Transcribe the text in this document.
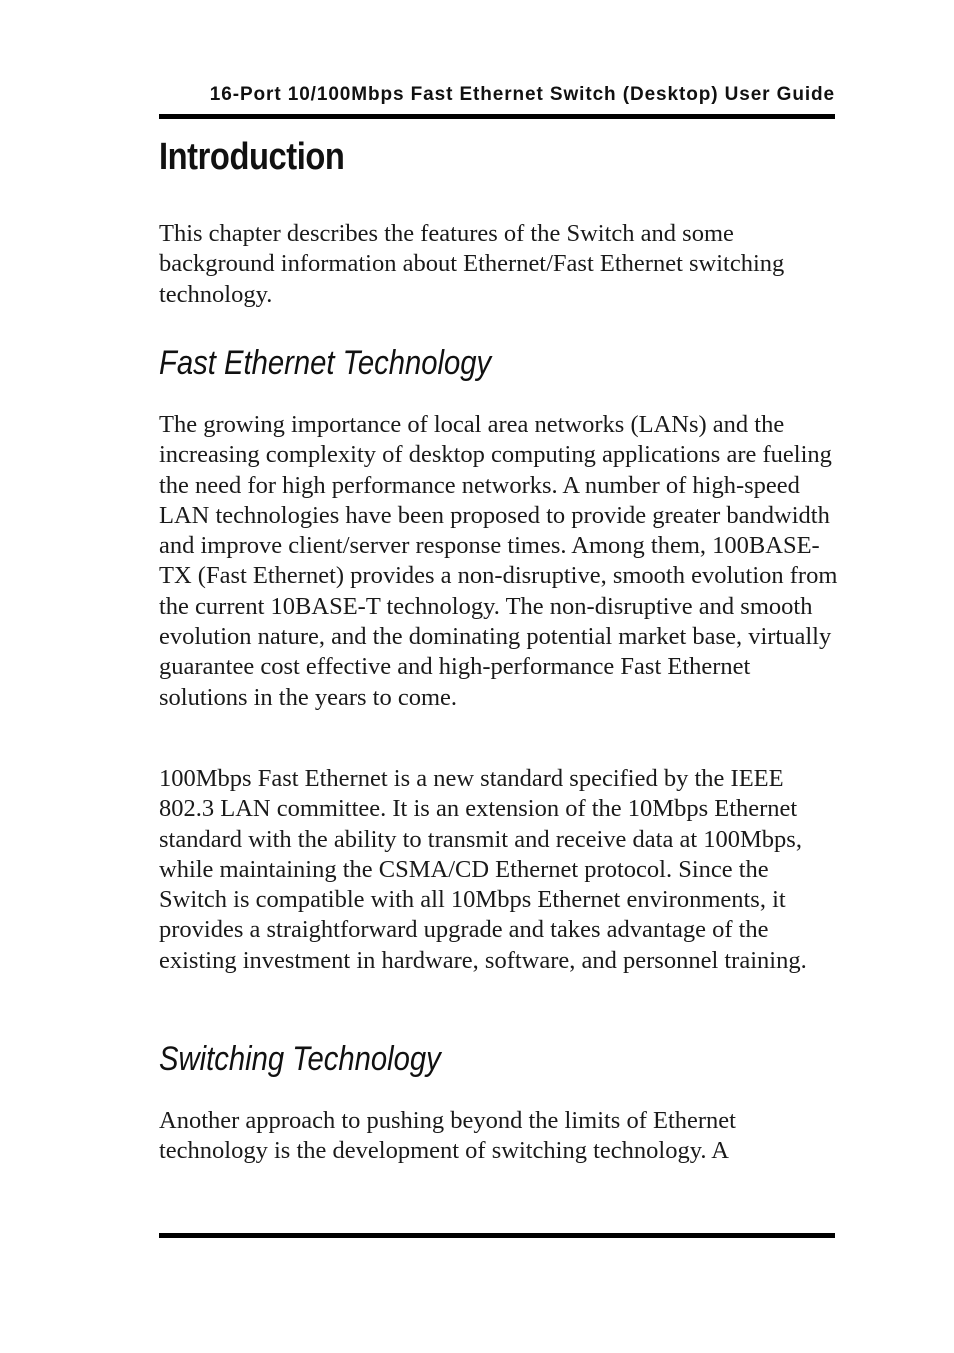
16-Port 10/100Mbps Fast Ethernet Switch (Desktop) User Guide
Introduction

This chapter describes the features of the Switch and some background information about Ethernet/Fast Ethernet switching technology.

Fast Ethernet Technology

The growing importance of local area networks (LANs) and the increasing complexity of desktop computing applications are fueling the need for high performance networks. A number of high-speed LAN technologies have been proposed to provide greater bandwidth and improve client/server response times. Among them, 100BASE-TX (Fast Ethernet) provides a non-disruptive, smooth evolution from the current 10BASE-T technology. The non-disruptive and smooth evolution nature, and the dominating potential market base, virtually guarantee cost effective and high-performance Fast Ethernet solutions in the years to come.

100Mbps Fast Ethernet is a new standard specified by the IEEE 802.3 LAN committee. It is an extension of the 10Mbps Ethernet standard with the ability to transmit and receive data at 100Mbps, while maintaining the CSMA/CD Ethernet protocol. Since the Switch is compatible with all 10Mbps Ethernet environments, it provides a straightforward upgrade and takes advantage of the existing investment in hardware, software, and personnel training.

Switching Technology

Another approach to pushing beyond the limits of Ethernet technology is the development of switching technology. A
